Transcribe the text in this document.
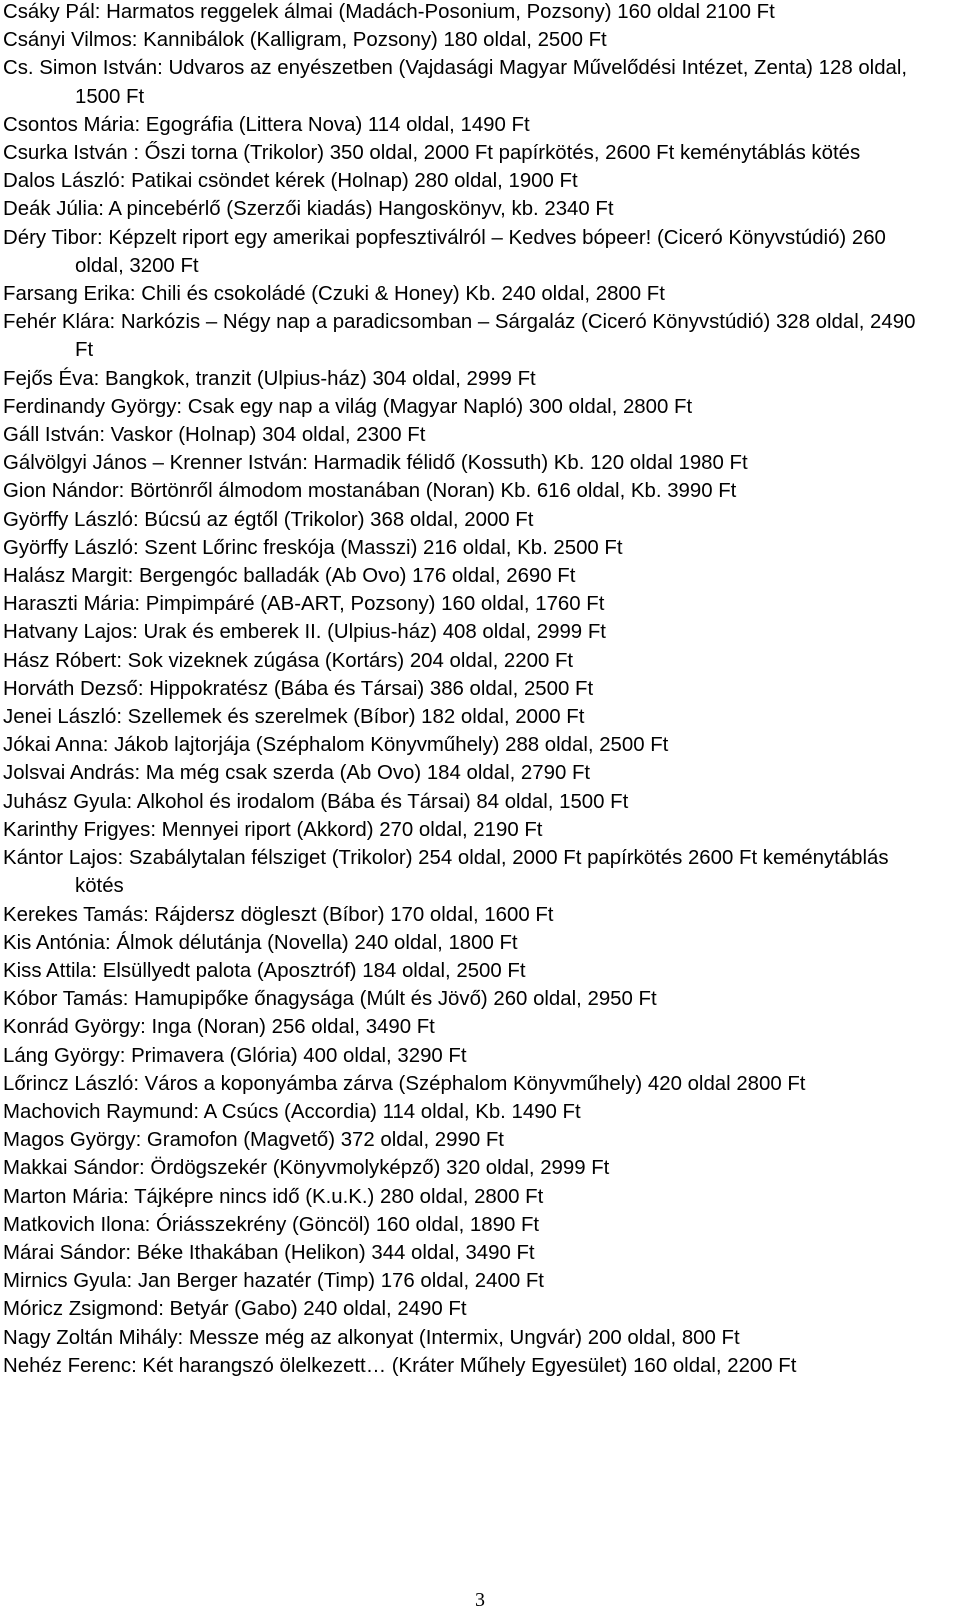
Csáky Pál: Harmatos reggelek álmai (Madách-Posonium, Pozsony) 160 oldal 2100 Ft
Csányi Vilmos: Kannibálok (Kalligram, Pozsony) 180 oldal, 2500 Ft
Cs. Simon István: Udvaros az enyészetben (Vajdasági Magyar Művelődési Intézet, Zenta) 128 oldal, 1500 Ft
Csontos Mária: Egográfia (Littera Nova) 114 oldal, 1490 Ft
Csurka István : Őszi torna (Trikolor) 350 oldal, 2000 Ft papírkötés, 2600 Ft keménytáblás kötés
Dalos László: Patikai csöndet kérek (Holnap) 280 oldal, 1900 Ft
Deák Júlia: A pincebérlő (Szerzői kiadás) Hangoskönyv, kb. 2340 Ft
Déry Tibor: Képzelt riport egy amerikai popfesztiválról – Kedves bópeer! (Ciceró Könyvstúdió) 260 oldal, 3200 Ft
Farsang Erika: Chili és csokoládé (Czuki & Honey) Kb. 240 oldal, 2800 Ft
Fehér Klára: Narkózis – Négy nap a paradicsomban – Sárgaláz (Ciceró Könyvstúdió) 328 oldal, 2490 Ft
Fejős Éva: Bangkok, tranzit (Ulpius-ház) 304 oldal, 2999 Ft
Ferdinandy György: Csak egy nap a világ (Magyar Napló) 300 oldal, 2800 Ft
Gáll István: Vaskor (Holnap) 304 oldal, 2300 Ft
Gálvölgyi János – Krenner István: Harmadik félidő (Kossuth) Kb. 120 oldal 1980 Ft
Gion Nándor: Börtönről álmodom mostanában (Noran) Kb. 616 oldal, Kb. 3990 Ft
Györffy László: Búcsú az égtől (Trikolor) 368 oldal, 2000 Ft
Györffy László: Szent Lőrinc freskója (Masszi) 216 oldal, Kb. 2500 Ft
Halász Margit: Bergengóc balladák (Ab Ovo) 176 oldal, 2690 Ft
Haraszti Mária: Pimpimpáré (AB-ART, Pozsony) 160 oldal, 1760 Ft
Hatvany Lajos: Urak és emberek II. (Ulpius-ház) 408 oldal, 2999 Ft
Hász Róbert: Sok vizeknek zúgása (Kortárs) 204 oldal, 2200 Ft
Horváth Dezső: Hippokratész (Bába és Társai) 386 oldal, 2500 Ft
Jenei László: Szellemek és szerelmek (Bíbor) 182 oldal, 2000 Ft
Jókai Anna: Jákob lajtorjája (Széphalom Könyvműhely) 288 oldal, 2500 Ft
Jolsvai András: Ma még csak szerda (Ab Ovo) 184 oldal, 2790 Ft
Juhász Gyula: Alkohol és irodalom (Bába és Társai) 84 oldal, 1500 Ft
Karinthy Frigyes: Mennyei riport (Akkord) 270 oldal, 2190 Ft
Kántor Lajos: Szabálytalan félsziget (Trikolor) 254 oldal, 2000 Ft papírkötés 2600 Ft keménytáblás kötés
Kerekes Tamás: Rájdersz dögleszt (Bíbor) 170 oldal, 1600 Ft
Kis Antónia: Álmok délutánja (Novella) 240 oldal, 1800 Ft
Kiss Attila: Elsüllyedt palota (Aposztróf) 184 oldal, 2500 Ft
Kóbor Tamás: Hamupipőke őnagysága (Múlt és Jövő) 260 oldal, 2950 Ft
Konrád György: Inga (Noran) 256 oldal, 3490 Ft
Láng György: Primavera (Glória) 400 oldal, 3290 Ft
Lőrincz László: Város a koponyámba zárva (Széphalom Könyvműhely) 420 oldal 2800 Ft
Machovich Raymund: A Csúcs (Accordia) 114 oldal, Kb. 1490 Ft
Magos György: Gramofon (Magvető) 372 oldal, 2990 Ft
Makkai Sándor: Ördögszekér (Könyvmolyképző) 320 oldal, 2999 Ft
Marton Mária: Tájképre nincs idő (K.u.K.) 280 oldal, 2800 Ft
Matkovich Ilona: Óriásszekrény (Göncöl) 160 oldal, 1890 Ft
Márai Sándor: Béke Ithakában (Helikon) 344 oldal, 3490 Ft
Mirnics Gyula: Jan Berger hazatér (Timp) 176 oldal, 2400 Ft
Móricz Zsigmond: Betyár (Gabo) 240 oldal, 2490 Ft
Nagy Zoltán Mihály: Messze még az alkonyat (Intermix, Ungvár) 200 oldal, 800 Ft
Nehéz Ferenc: Két harangszó ölelkezett… (Kráter Műhely Egyesület) 160 oldal, 2200 Ft
3
